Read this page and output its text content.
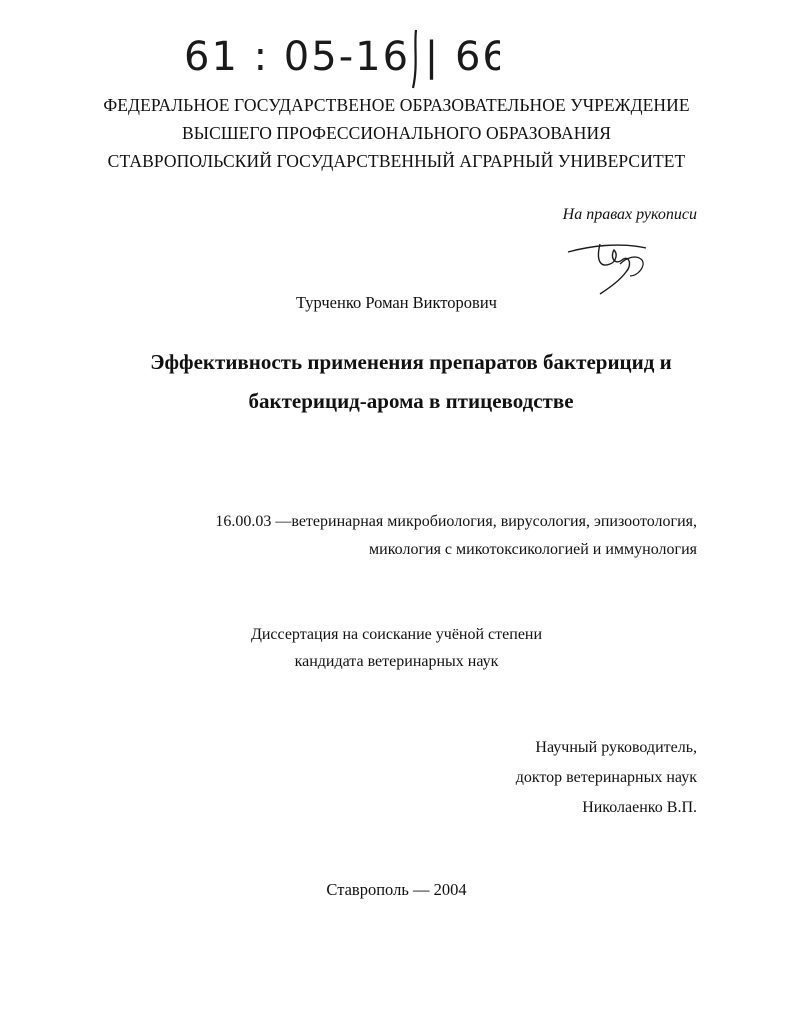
61 : 05-16 | 66
ФЕДЕРАЛЬНОЕ ГОСУДАРСТВЕНОЕ ОБРАЗОВАТЕЛЬНОЕ УЧРЕЖДЕНИЕ
ВЫСШЕГО ПРОФЕССИОНАЛЬНОГО ОБРАЗОВАНИЯ
СТАВРОПОЛЬСКИЙ ГОСУДАРСТВЕННЫЙ АГРАРНЫЙ УНИВЕРСИТЕТ
На правах рукописи
Турченко Роман Викторович
Эффективность применения препаратов бактерицид и
бактерицид-арома в птицеводстве
16.00.03 —ветеринарная микробиология, вирусология, эпизоотология,
микология с микотоксикологией и иммунология
Диссертация на соискание учёной степени
кандидата ветеринарных наук
Научный руководитель,
доктор ветеринарных наук
Николаенко В.П.
Ставрополь — 2004
